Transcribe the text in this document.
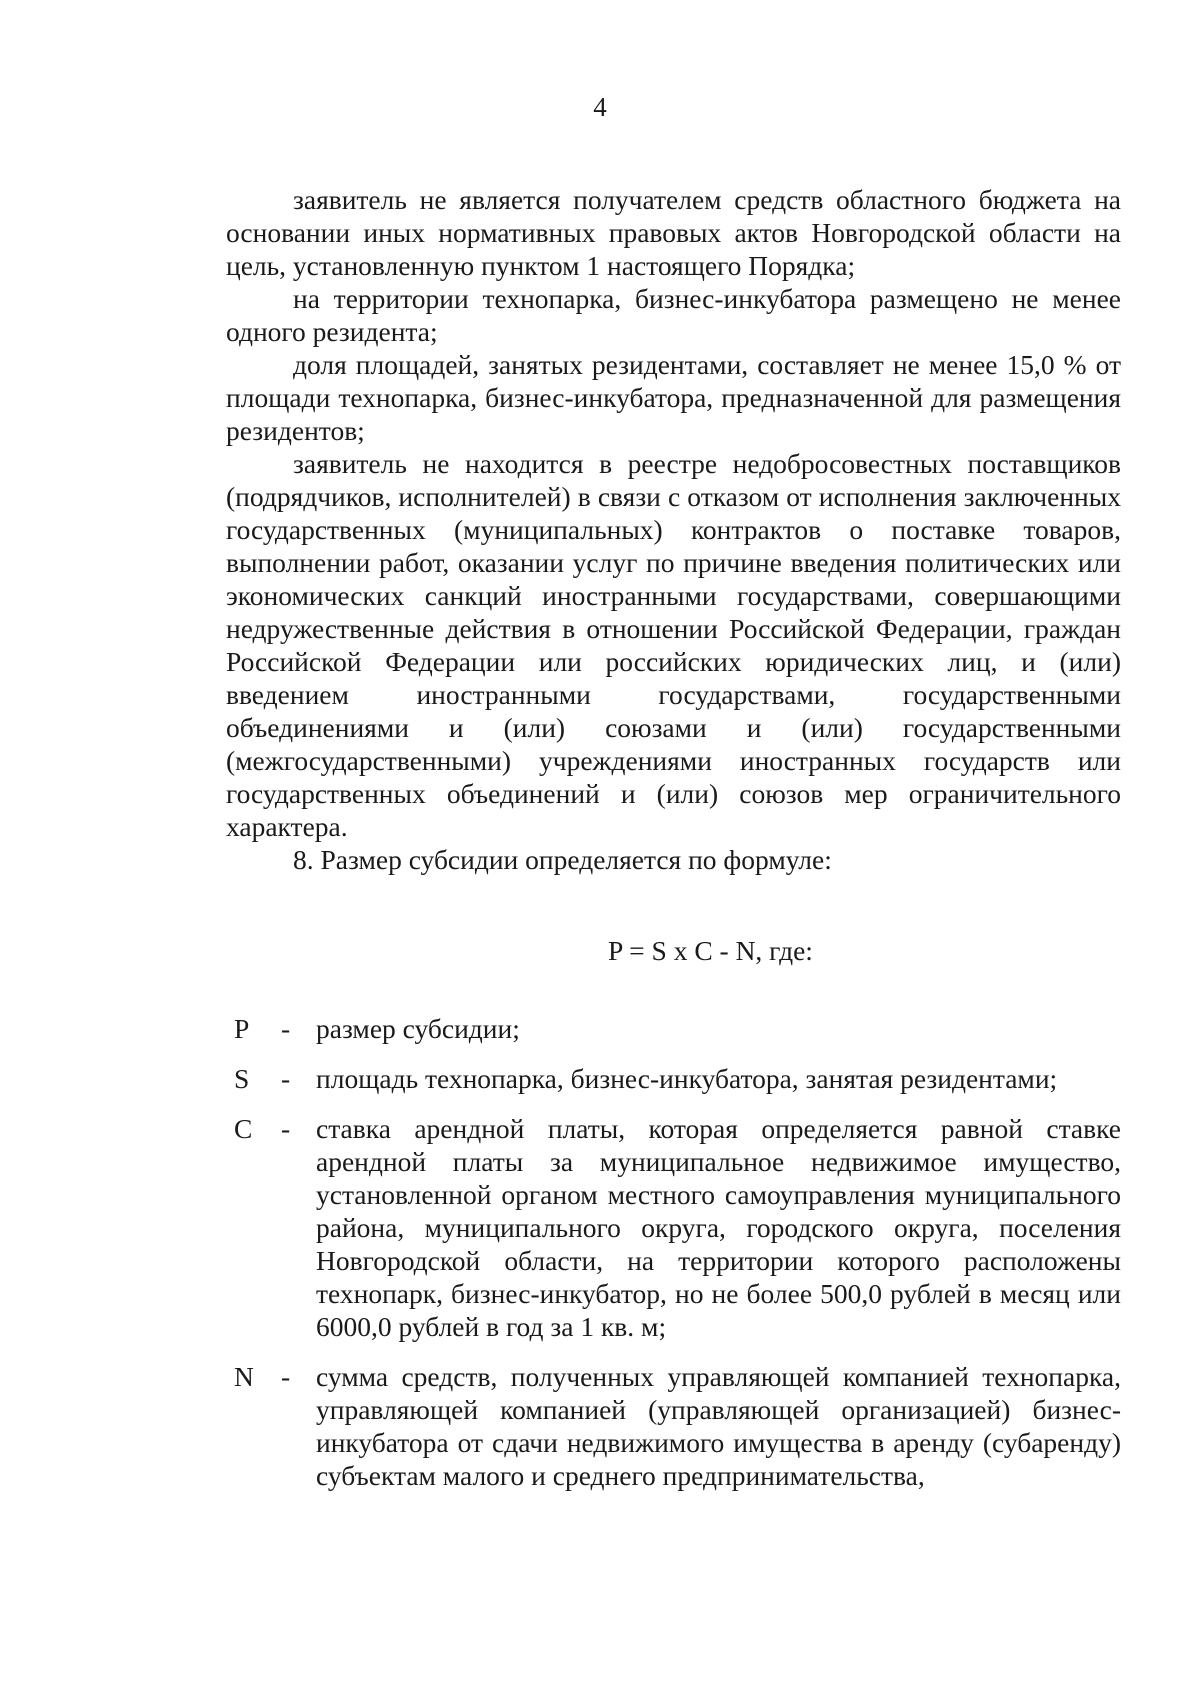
4

заявитель не является получателем средств областного бюджета на основании иных нормативных правовых актов Новгородской области на цель, установленную пунктом 1 настоящего Порядка;

на территории технопарка, бизнес-инкубатора размещено не менее одного резидента;

доля площадей, занятых резидентами, составляет не менее 15,0 % от площади технопарка, бизнес-инкубатора, предназначенной для размещения резидентов;

заявитель не находится в реестре недобросовестных поставщиков (подрядчиков, исполнителей) в связи с отказом от исполнения заключенных государственных (муниципальных) контрактов о поставке товаров, выполнении работ, оказании услуг по причине введения политических или экономических санкций иностранными государствами, совершающими недружественные действия в отношении Российской Федерации, граждан Российской Федерации или российских юридических лиц, и (или) введением иностранными государствами, государственными объединениями и (или) союзами и (или) государственными (межгосударственными) учреждениями иностранных государств или государственных объединений и (или) союзов мер ограничительного характера.

8. Размер субсидии определяется по формуле:

P = S x C - N, где:
P	- размер субсидии;
S	- площадь технопарка, бизнес-инкубатора, занятая резидентами;
C	- ставка арендной платы, которая определяется равной ставке арендной платы за муниципальное недвижимое имущество, установленной органом местного самоуправления муниципального района, муниципального округа, городского округа, поселения Новгородской области, на территории которого расположены технопарк, бизнес-инкубатор, но не более 500,0 рублей в месяц или 6000,0 рублей в год за 1 кв. м;
N - сумма средств, полученных управляющей компанией технопарка, управляющей компанией (управляющей организацией) бизнес-инкубатора от сдачи недвижимого имущества в аренду (субаренду) субъектам малого и среднего предпринимательства,
